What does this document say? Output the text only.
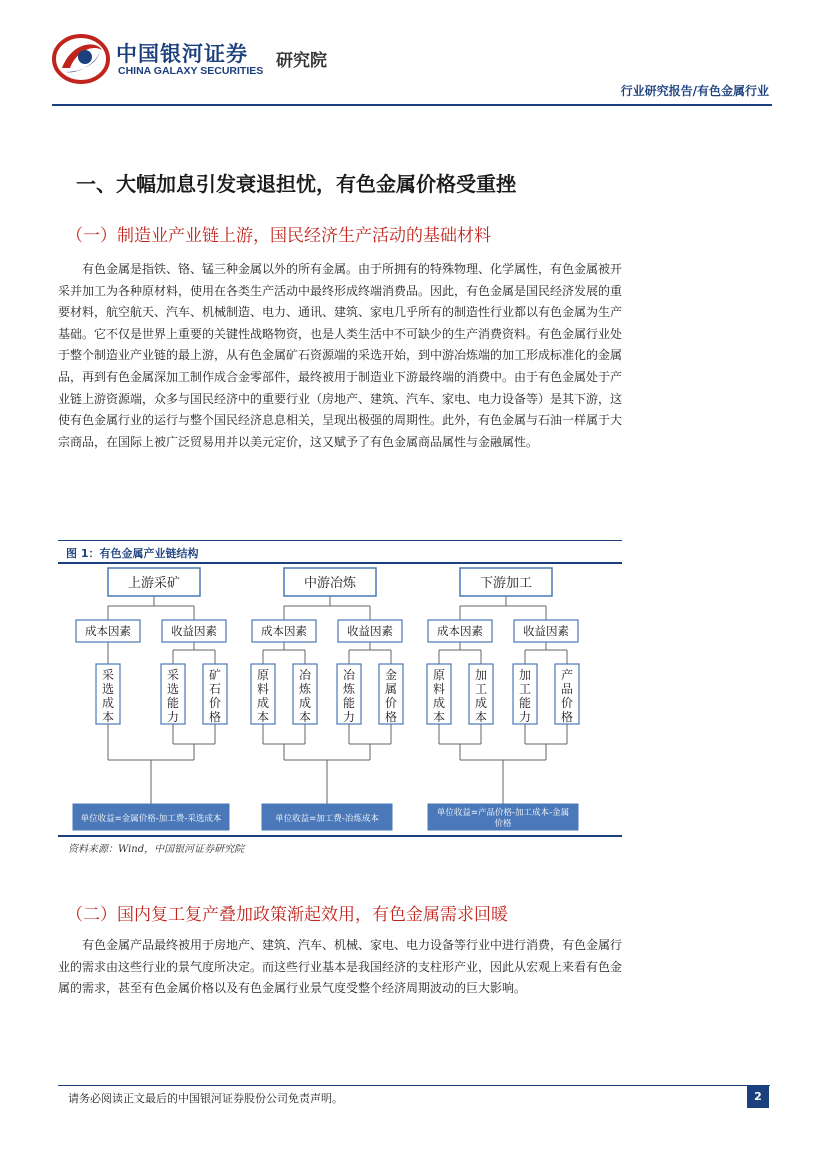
中国银河证券
CHINA GALAXY SECURITIES 研究院
行业研究报告/有色金属行业
一、大幅加息引发衰退担忧，有色金属价格受重挫
（一）制造业产业链上游，国民经济生产活动的基础材料
有色金属是指铁、铬、锰三种金属以外的所有金属。由于所拥有的特殊物理、化学属性，有色金属被开采并加工为各种原材料，使用在各类生产活动中最终形成终端消费品。因此，有色金属是国民经济发展的重要材料，航空航天、汽车、机械制造、电力、通讯、建筑、家电几乎所有的制造性行业都以有色金属为生产基础。它不仅是世界上重要的关键性战略物资，也是人类生活中不可缺少的生产消费资料。有色金属行业处于整个制造业产业链的最上游，从有色金属矿石资源端的采选开始，到中游冶炼端的加工形成标准化的金属品，再到有色金属深加工制作成合金零部件，最终被用于制造业下游最终端的消费中。由于有色金属处于产业链上游资源端，众多与国民经济中的重要行业（房地产、建筑、汽车、家电、电力设备等）是其下游，这使有色金属行业的运行与整个国民经济息息相关，呈现出极强的周期性。此外，有色金属与石油一样属于大宗商品，在国际上被广泛贸易用并以美元定价，这又赋予了有色金属商品属性与金融属性。
图 1：有色金属产业链结构
上游采矿
成本因素	收益因素
采
选
成
本
采
选
能
力
矿
石
价
格
单位收益=金属价格-加工费-采选成本
中游冶炼
成本因素	收益因素
原
料
成
本
冶
炼
成
本
冶
炼
能
力
金
属
价
格
单位收益=加工费-冶炼成本
下游加工
成本因素	收益因素
原
料
成
本
加
工
成
本
加
工
能
力
产
品
价
格
单位收益=产品价格-加工成本-金属
价格
资料来源：Wind，中国银河证券研究院
（二）国内复工复产叠加政策渐起效用，有色金属需求回暖
有色金属产品最终被用于房地产、建筑、汽车、机械、家电、电力设备等行业中进行消费，有色金属行业的需求由这些行业的景气度所决定。而这些行业基本是我国经济的支柱形产业，因此从宏观上来看有色金属的需求，甚至有色金属价格以及有色金属行业景气度受整个经济周期波动的巨大影响。
请务必阅读正文最后的中国银河证券股份公司免责声明。	2
